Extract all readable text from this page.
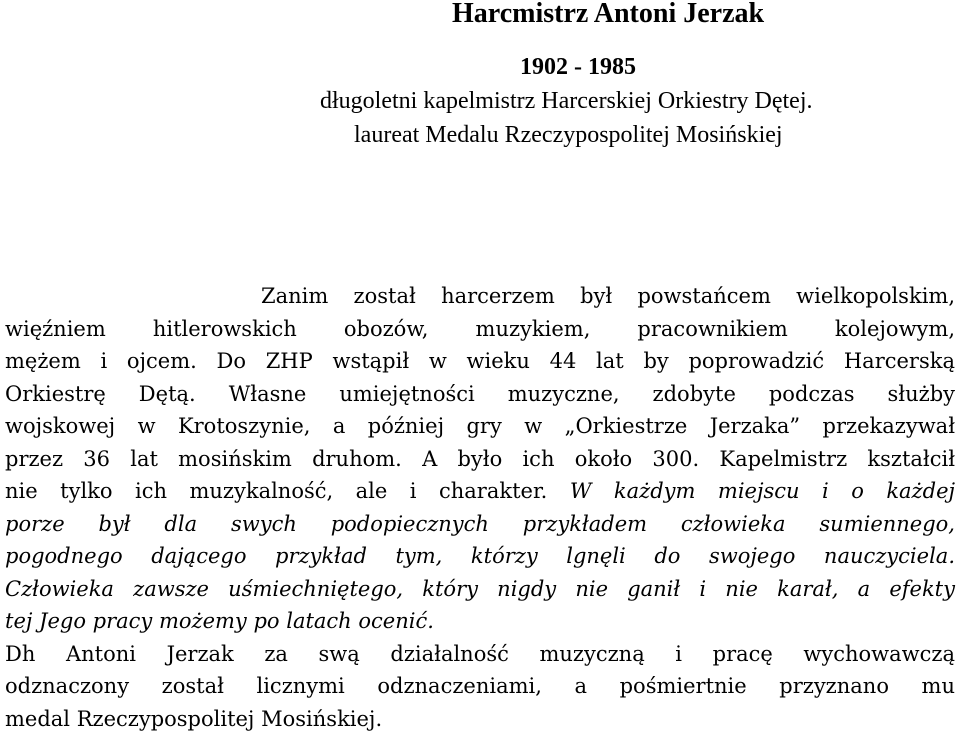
Harcmistrz Antoni Jerzak
1902 - 1985
długoletni kapelmistrz Harcerskiej Orkiestry Dętej.
laureat Medalu Rzeczypospolitej Mosińskiej
Zanim został harcerzem był powstańcem wielkopolskim,
więźniem hitlerowskich obozów, muzykiem, pracownikiem kolejowym,
mężem i ojcem. Do ZHP wstąpił w wieku 44 lat by poprowadzić Harcerską
Orkiestrę Dętą. Własne umiejętności muzyczne, zdobyte podczas służby
wojskowej w Krotoszynie, a później gry w „Orkiestrze Jerzaka” przekazywał
przez 36 lat mosińskim druhom. A było ich około 300. Kapelmistrz kształcił
nie tylko ich muzykalność, ale i charakter. W każdym miejscu i o każdej
porze był dla swych podopiecznych przykładem człowieka sumiennego,
pogodnego dającego przykład tym, którzy lgnęli do swojego nauczyciela.
Człowieka zawsze uśmiechniętego, który nigdy nie ganił i nie karał, a efekty
tej Jego pracy możemy po latach ocenić.
Dh Antoni Jerzak za swą działalność muzyczną i pracę wychowawczą
odznaczony został licznymi odznaczeniami, a pośmiertnie przyznano mu
medal Rzeczypospolitej Mosińskiej.
